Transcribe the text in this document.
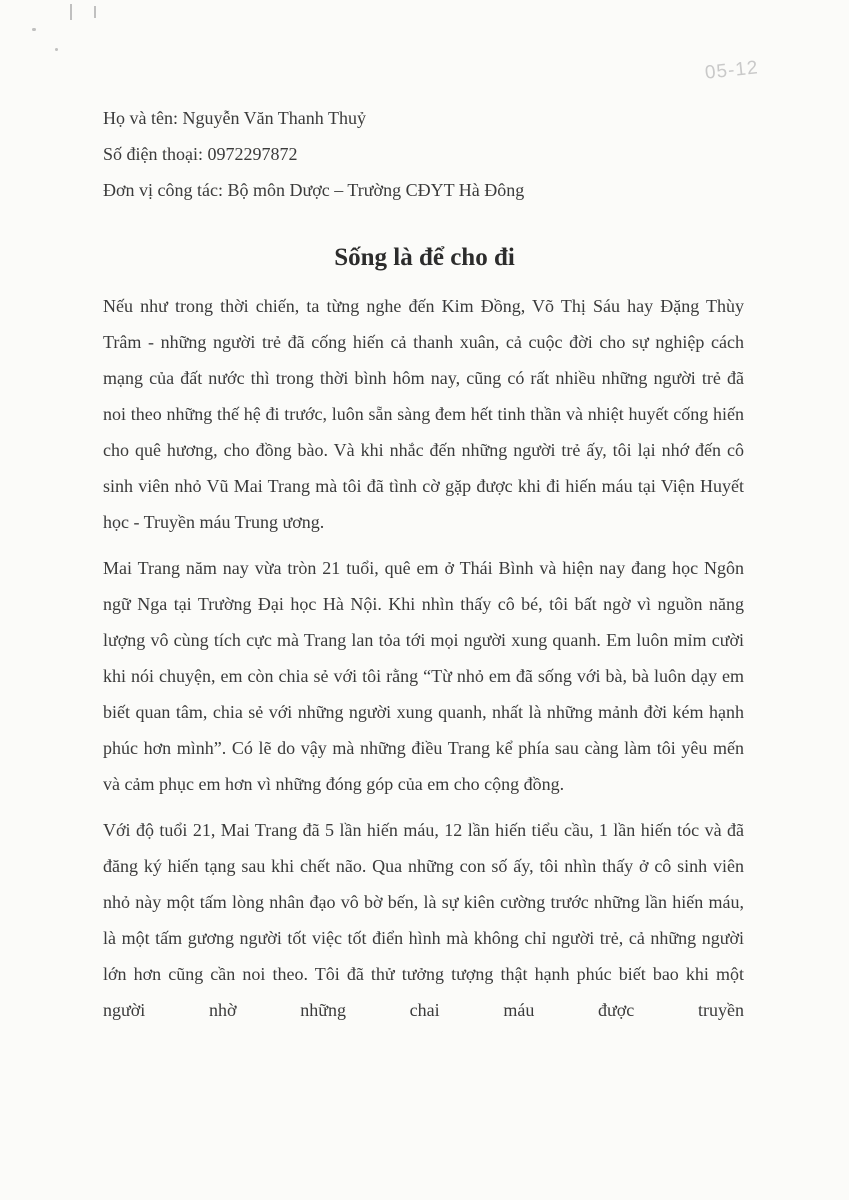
05-12
Họ và tên: Nguyễn Văn Thanh Thuỷ
Số điện thoại: 0972297872
Đơn vị công tác: Bộ môn Dược – Trường CĐYT Hà Đông
Sống là để cho đi

Nếu như trong thời chiến, ta từng nghe đến Kim Đồng, Võ Thị Sáu hay Đặng Thùy Trâm - những người trẻ đã cống hiến cả thanh xuân, cả cuộc đời cho sự nghiệp cách mạng của đất nước thì trong thời bình hôm nay, cũng có rất nhiều những người trẻ đã noi theo những thế hệ đi trước, luôn sẵn sàng đem hết tinh thần và nhiệt huyết cống hiến cho quê hương, cho đồng bào. Và khi nhắc đến những người trẻ ấy, tôi lại nhớ đến cô sinh viên nhỏ Vũ Mai Trang mà tôi đã tình cờ gặp được khi đi hiến máu tại Viện Huyết học - Truyền máu Trung ương.

Mai Trang năm nay vừa tròn 21 tuổi, quê em ở Thái Bình và hiện nay đang học Ngôn ngữ Nga tại Trường Đại học Hà Nội. Khi nhìn thấy cô bé, tôi bất ngờ vì nguồn năng lượng vô cùng tích cực mà Trang lan tỏa tới mọi người xung quanh. Em luôn mỉm cười khi nói chuyện, em còn chia sẻ với tôi rằng “Từ nhỏ em đã sống với bà, bà luôn dạy em biết quan tâm, chia sẻ với những người xung quanh, nhất là những mảnh đời kém hạnh phúc hơn mình”. Có lẽ do vậy mà những điều Trang kể phía sau càng làm tôi yêu mến và cảm phục em hơn vì những đóng góp của em cho cộng đồng.

Với độ tuổi 21, Mai Trang đã 5 lần hiến máu, 12 lần hiến tiểu cầu, 1 lần hiến tóc và đã đăng ký hiến tạng sau khi chết não. Qua những con số ấy, tôi nhìn thấy ở cô sinh viên nhỏ này một tấm lòng nhân đạo vô bờ bến, là sự kiên cường trước những lần hiến máu, là một tấm gương người tốt việc tốt điển hình mà không chỉ người trẻ, cả những người lớn hơn cũng cần noi theo. Tôi đã thử tưởng tượng thật hạnh phúc biết bao khi một người nhờ những chai máu được truyền
